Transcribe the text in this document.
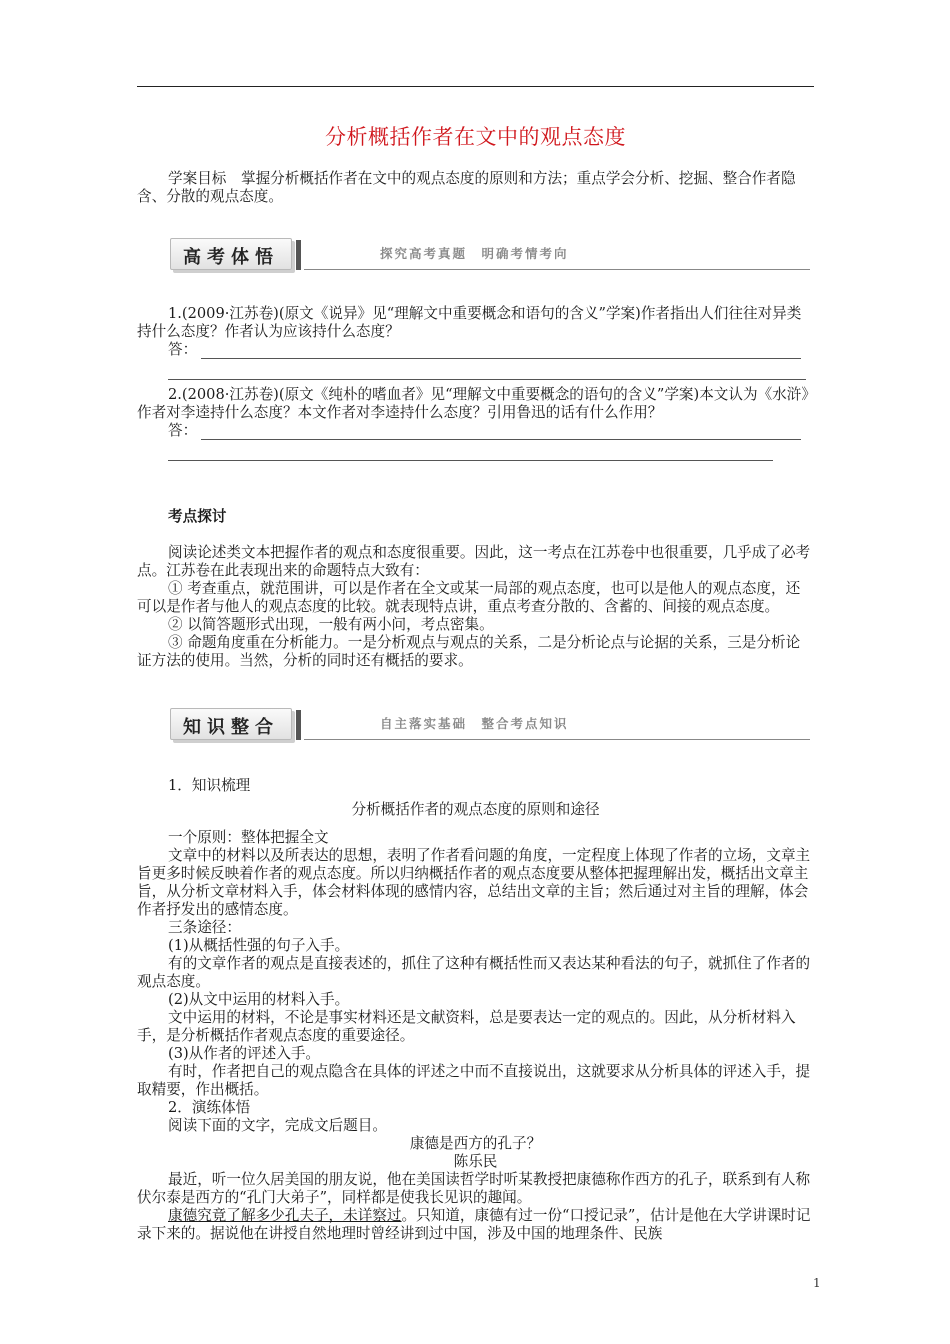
分析概括作者在文中的观点态度

学案目标　掌握分析概括作者在文中的观点态度的原则和方法；重点学会分析、挖掘、整合作者隐含、分散的观点态度。

高考体悟	探究高考真题　明确考情考向

1.(2009·江苏卷)(原文《说异》见“理解文中重要概念和语句的含义”学案)作者指出人们往往对异类持什么态度？作者认为应该持什么态度？

答：

2.(2008·江苏卷)(原文《纯朴的嗜血者》见“理解文中重要概念的语句的含义”学案)本文认为《水浒》作者对李逵持什么态度？本文作者对李逵持什么态度？引用鲁迅的话有什么作用？

答：

考点探讨

阅读论述类文本把握作者的观点和态度很重要。因此，这一考点在江苏卷中也很重要，几乎成了必考点。江苏卷在此表现出来的命题特点大致有：

① 考查重点，就范围讲，可以是作者在全文或某一局部的观点态度，也可以是他人的观点态度，还可以是作者与他人的观点态度的比较。就表现特点讲，重点考查分散的、含蓄的、间接的观点态度。

② 以简答题形式出现，一般有两小问，考点密集。

③ 命题角度重在分析能力。一是分析观点与观点的关系，二是分析论点与论据的关系，三是分析论证方法的使用。当然，分析的同时还有概括的要求。

知识整合	自主落实基础　整合考点知识

1．知识梳理

分析概括作者的观点态度的原则和途径

一个原则：整体把握全文

文章中的材料以及所表达的思想，表明了作者看问题的角度，一定程度上体现了作者的立场，文章主旨更多时候反映着作者的观点态度。所以归纳概括作者的观点态度要从整体把握理解出发，概括出文章主旨，从分析文章材料入手，体会材料体现的感情内容，总结出文章的主旨；然后通过对主旨的理解，体会作者抒发出的感情态度。

三条途径：

(1)从概括性强的句子入手。

有的文章作者的观点是直接表述的，抓住了这种有概括性而又表达某种看法的句子，就抓住了作者的观点态度。

(2)从文中运用的材料入手。

文中运用的材料，不论是事实材料还是文献资料，总是要表达一定的观点的。因此，从分析材料入手，是分析概括作者观点态度的重要途径。

(3)从作者的评述入手。

有时，作者把自己的观点隐含在具体的评述之中而不直接说出，这就要求从分析具体的评述入手，提取精要，作出概括。

2．演练体悟

阅读下面的文字，完成文后题目。

康德是西方的孔子？

陈乐民

最近，听一位久居美国的朋友说，他在美国读哲学时听某教授把康德称作西方的孔子，联系到有人称伏尔泰是西方的“孔门大弟子”，同样都是使我长见识的趣闻。

康德究竟了解多少孔夫子，未详察过。只知道，康德有过一份“口授记录”，估计是他在大学讲课时记录下来的。据说他在讲授自然地理时曾经讲到过中国，涉及中国的地理条件、民族

1
